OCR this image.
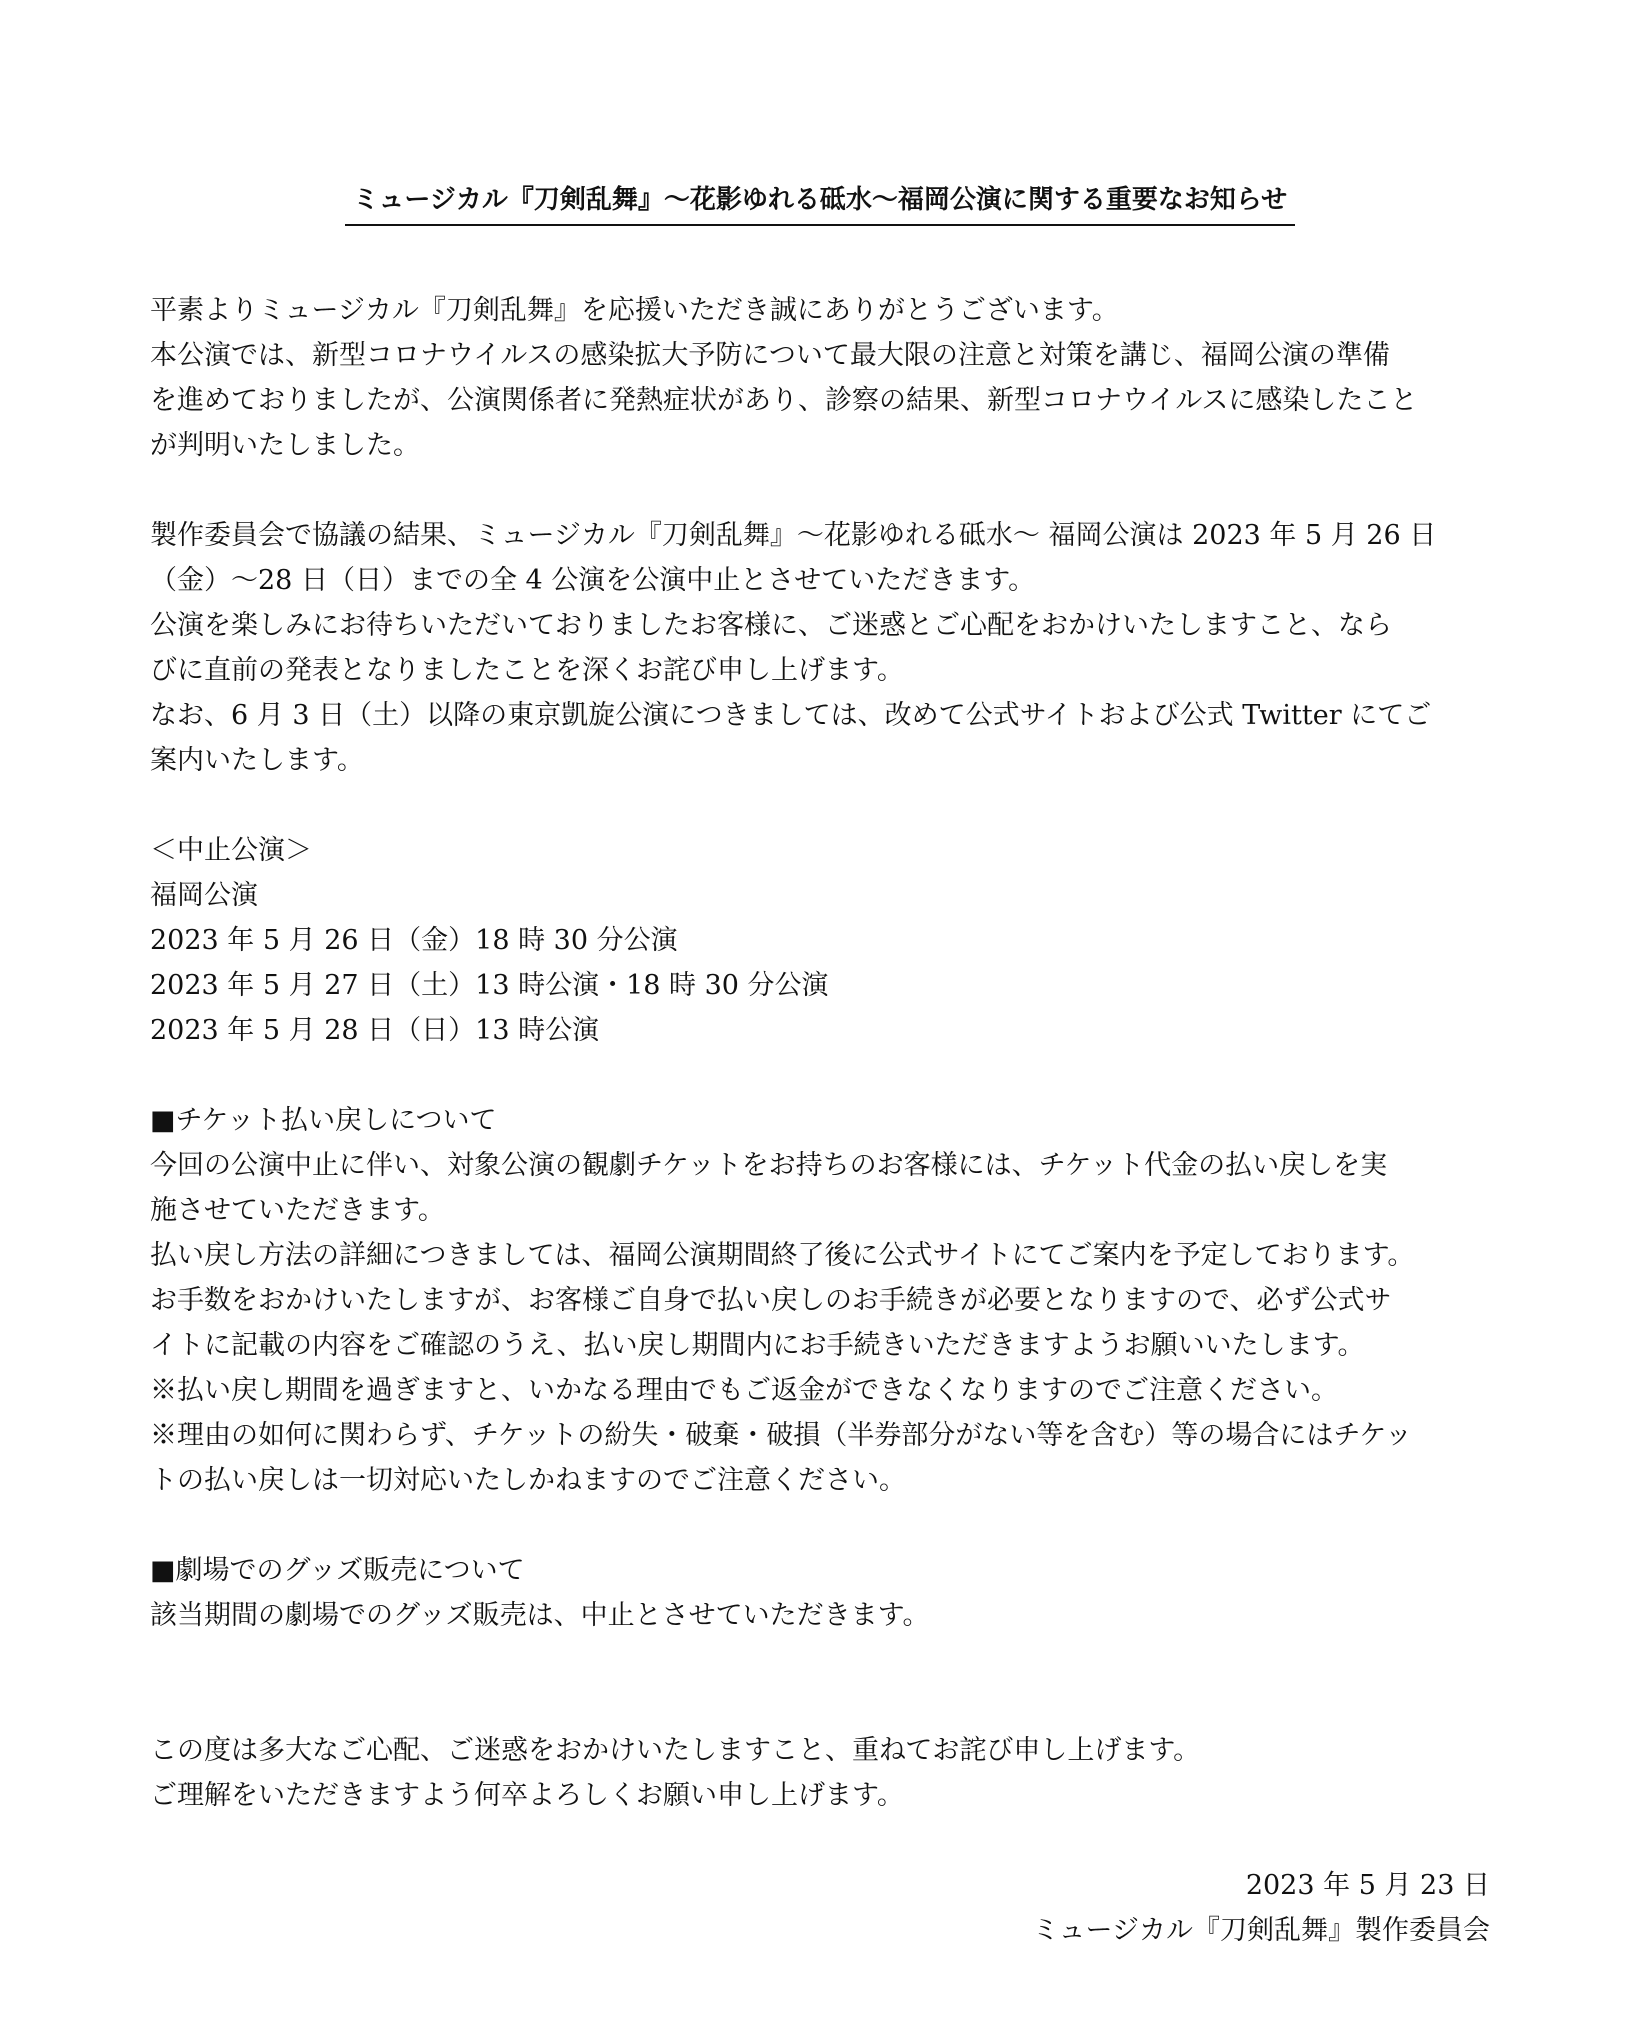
ミュージカル『刀剣乱舞』～花影ゆれる砥水～福岡公演に関する重要なお知らせ
平素よりミュージカル『刀剣乱舞』を応援いただき誠にありがとうございます。
本公演では、新型コロナウイルスの感染拡大予防について最大限の注意と対策を講じ、福岡公演の準備
を進めておりましたが、公演関係者に発熱症状があり、診察の結果、新型コロナウイルスに感染したこと
が判明いたしました。
製作委員会で協議の結果、ミュージカル『刀剣乱舞』～花影ゆれる砥水～ 福岡公演は 2023 年 5 月 26 日
（金）～28 日（日）までの全 4 公演を公演中止とさせていただきます。
公演を楽しみにお待ちいただいておりましたお客様に、ご迷惑とご心配をおかけいたしますこと、なら
びに直前の発表となりましたことを深くお詫び申し上げます。
なお、6 月 3 日（土）以降の東京凱旋公演につきましては、改めて公式サイトおよび公式 Twitter にてご
案内いたします。
＜中止公演＞
福岡公演
2023 年 5 月 26 日（金）18 時 30 分公演
2023 年 5 月 27 日（土）13 時公演・18 時 30 分公演
2023 年 5 月 28 日（日）13 時公演
■チケット払い戻しについて
今回の公演中止に伴い、対象公演の観劇チケットをお持ちのお客様には、チケット代金の払い戻しを実
施させていただきます。
払い戻し方法の詳細につきましては、福岡公演期間終了後に公式サイトにてご案内を予定しております。
お手数をおかけいたしますが、お客様ご自身で払い戻しのお手続きが必要となりますので、必ず公式サ
イトに記載の内容をご確認のうえ、払い戻し期間内にお手続きいただきますようお願いいたします。
※払い戻し期間を過ぎますと、いかなる理由でもご返金ができなくなりますのでご注意ください。
※理由の如何に関わらず、チケットの紛失・破棄・破損（半券部分がない等を含む）等の場合にはチケッ
トの払い戻しは一切対応いたしかねますのでご注意ください。
■劇場でのグッズ販売について
該当期間の劇場でのグッズ販売は、中止とさせていただきます。
この度は多大なご心配、ご迷惑をおかけいたしますこと、重ねてお詫び申し上げます。
ご理解をいただきますよう何卒よろしくお願い申し上げます。
2023 年 5 月 23 日
ミュージカル『刀剣乱舞』製作委員会
